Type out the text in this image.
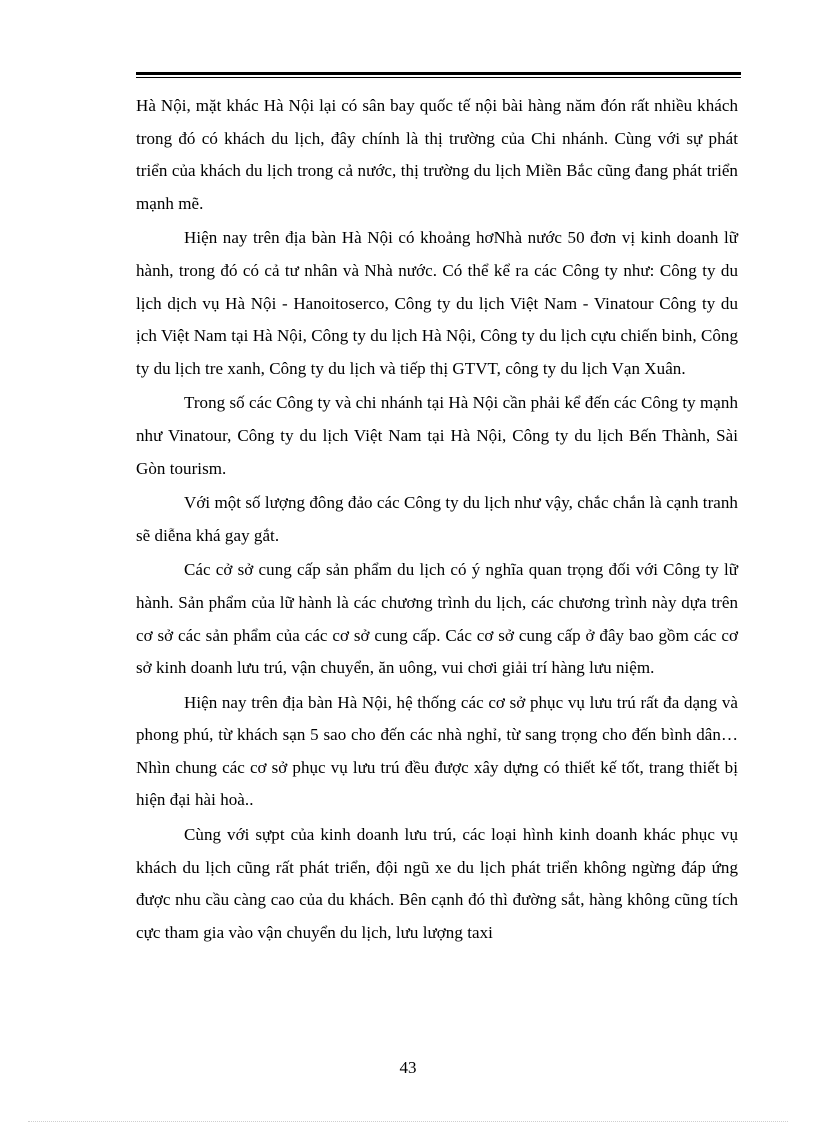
Hà Nội, mặt khác Hà Nội lại có sân bay quốc tế nội bài hàng năm đón rất nhiều khách trong đó có khách du lịch, đây chính là thị trường của Chi nhánh. Cùng với sự phát triển của khách du lịch trong cả nước, thị trường du lịch Miền Bắc cũng đang phát triển mạnh mẽ.

Hiện nay trên địa bàn Hà Nội có khoảng hơNhà nước 50 đơn vị kinh doanh lữ hành, trong đó có cả tư nhân và Nhà nước. Có thể kể ra các Công ty như: Công ty du lịch dịch vụ Hà Nội - Hanoitoserco, Công ty du lịch Việt Nam - Vinatour Công ty du ịch Việt Nam tại Hà Nội, Công ty du lịch Hà Nội, Công ty du lịch cựu chiến binh, Công ty du lịch tre xanh, Công ty du lịch và tiếp thị GTVT, công ty du lịch Vạn Xuân.

Trong số các Công ty và chi nhánh tại Hà Nội cần phải kể đến các Công ty mạnh như Vinatour, Công ty du lịch Việt Nam tại Hà Nội, Công ty du lịch Bến Thành, Sài Gòn tourism.

Với một số lượng đông đảo các Công ty du lịch như vậy, chắc chắn là cạnh tranh sẽ diễna khá gay gắt.

Các cở sở cung cấp sản phẩm du lịch có ý nghĩa quan trọng đối với Công ty lữ hành. Sản phẩm của lữ hành là các chương trình du lịch, các chương trình này dựa trên cơ sở các sản phẩm của các cơ sở cung cấp. Các cơ sở cung cấp ở đây bao gồm các cơ sở kinh doanh lưu trú, vận chuyển, ăn uông, vui chơi giải trí hàng lưu niệm.

Hiện nay trên địa bàn Hà Nội, hệ thống các cơ sở phục vụ lưu trú rất đa dạng và phong phú, từ khách sạn 5 sao cho đến các nhà nghỉ, từ sang trọng cho đến bình dân… Nhìn chung các cơ sở phục vụ lưu trú đều được xây dựng có thiết kế tốt, trang thiết bị hiện đại hài hoà..

Cùng với sựpt của kinh doanh lưu trú, các loại hình kinh doanh khác phục vụ khách du lịch cũng rất phát triển, đội ngũ xe du lịch phát triển không ngừng đáp ứng được nhu cầu càng cao của du khách. Bên cạnh đó thì đường sắt, hàng không cũng tích cực tham gia vào vận chuyển du lịch, lưu lượng taxi

43
